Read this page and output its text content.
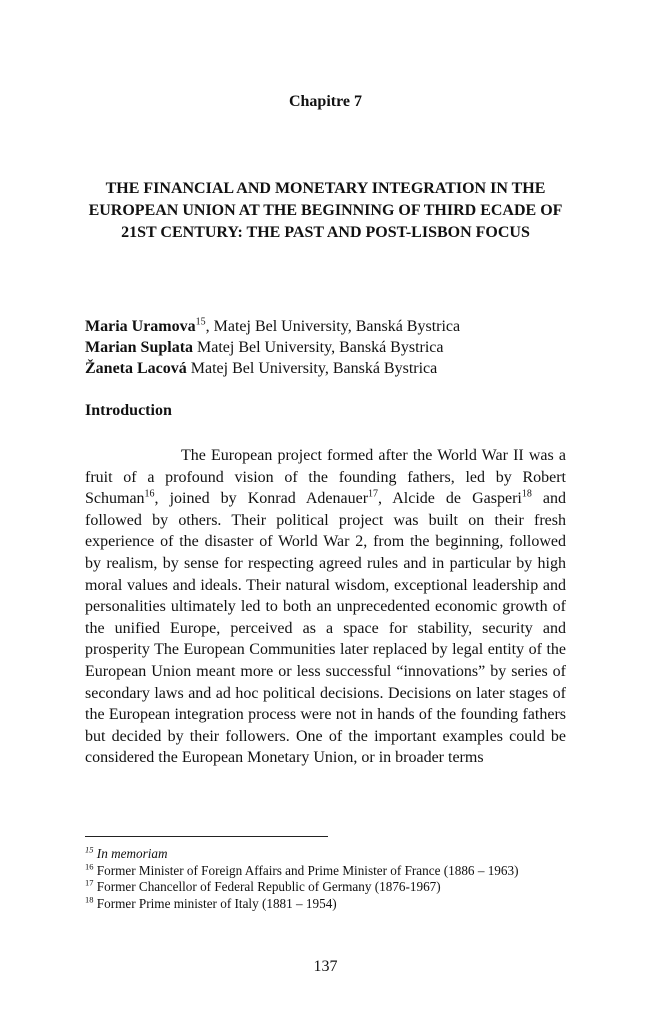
Chapitre 7
THE FINANCIAL AND MONETARY INTEGRATION IN THE EUROPEAN UNION AT THE BEGINNING OF THIRD ECADE OF 21ST CENTURY: THE PAST AND POST-LISBON FOCUS
Maria Uramova$^{15}$, Matej Bel University, Banská Bystrica
Marian Suplata Matej Bel University, Banská Bystrica
Žaneta Lacová Matej Bel University, Banská Bystrica
Introduction

The European project formed after the World War II was a fruit of a profound vision of the founding fathers, led by Robert Schuman$^{16}$, joined by Konrad Adenauer$^{17}$, Alcide de Gasperi$^{18}$ and followed by others. Their political project was built on their fresh experience of the disaster of World War 2, from the beginning, followed by realism, by sense for respecting agreed rules and in particular by high moral values and ideals. Their natural wisdom, exceptional leadership and personalities ultimately led to both an unprecedented economic growth of the unified Europe, perceived as a space for stability, security and prosperity The European Communities later replaced by legal entity of the European Union meant more or less successful “innovations” by series of secondary laws and ad hoc political decisions. Decisions on later stages of the European integration process were not in hands of the founding fathers but decided by their followers. One of the important examples could be considered the European Monetary Union, or in broader terms

$^{15}$ In memoriam

$^{16}$ Former Minister of Foreign Affairs and Prime Minister of France (1886 – 1963)

$^{17}$ Former Chancellor of Federal Republic of Germany (1876-1967)

$^{18}$ Former Prime minister of Italy (1881 – 1954)

137
